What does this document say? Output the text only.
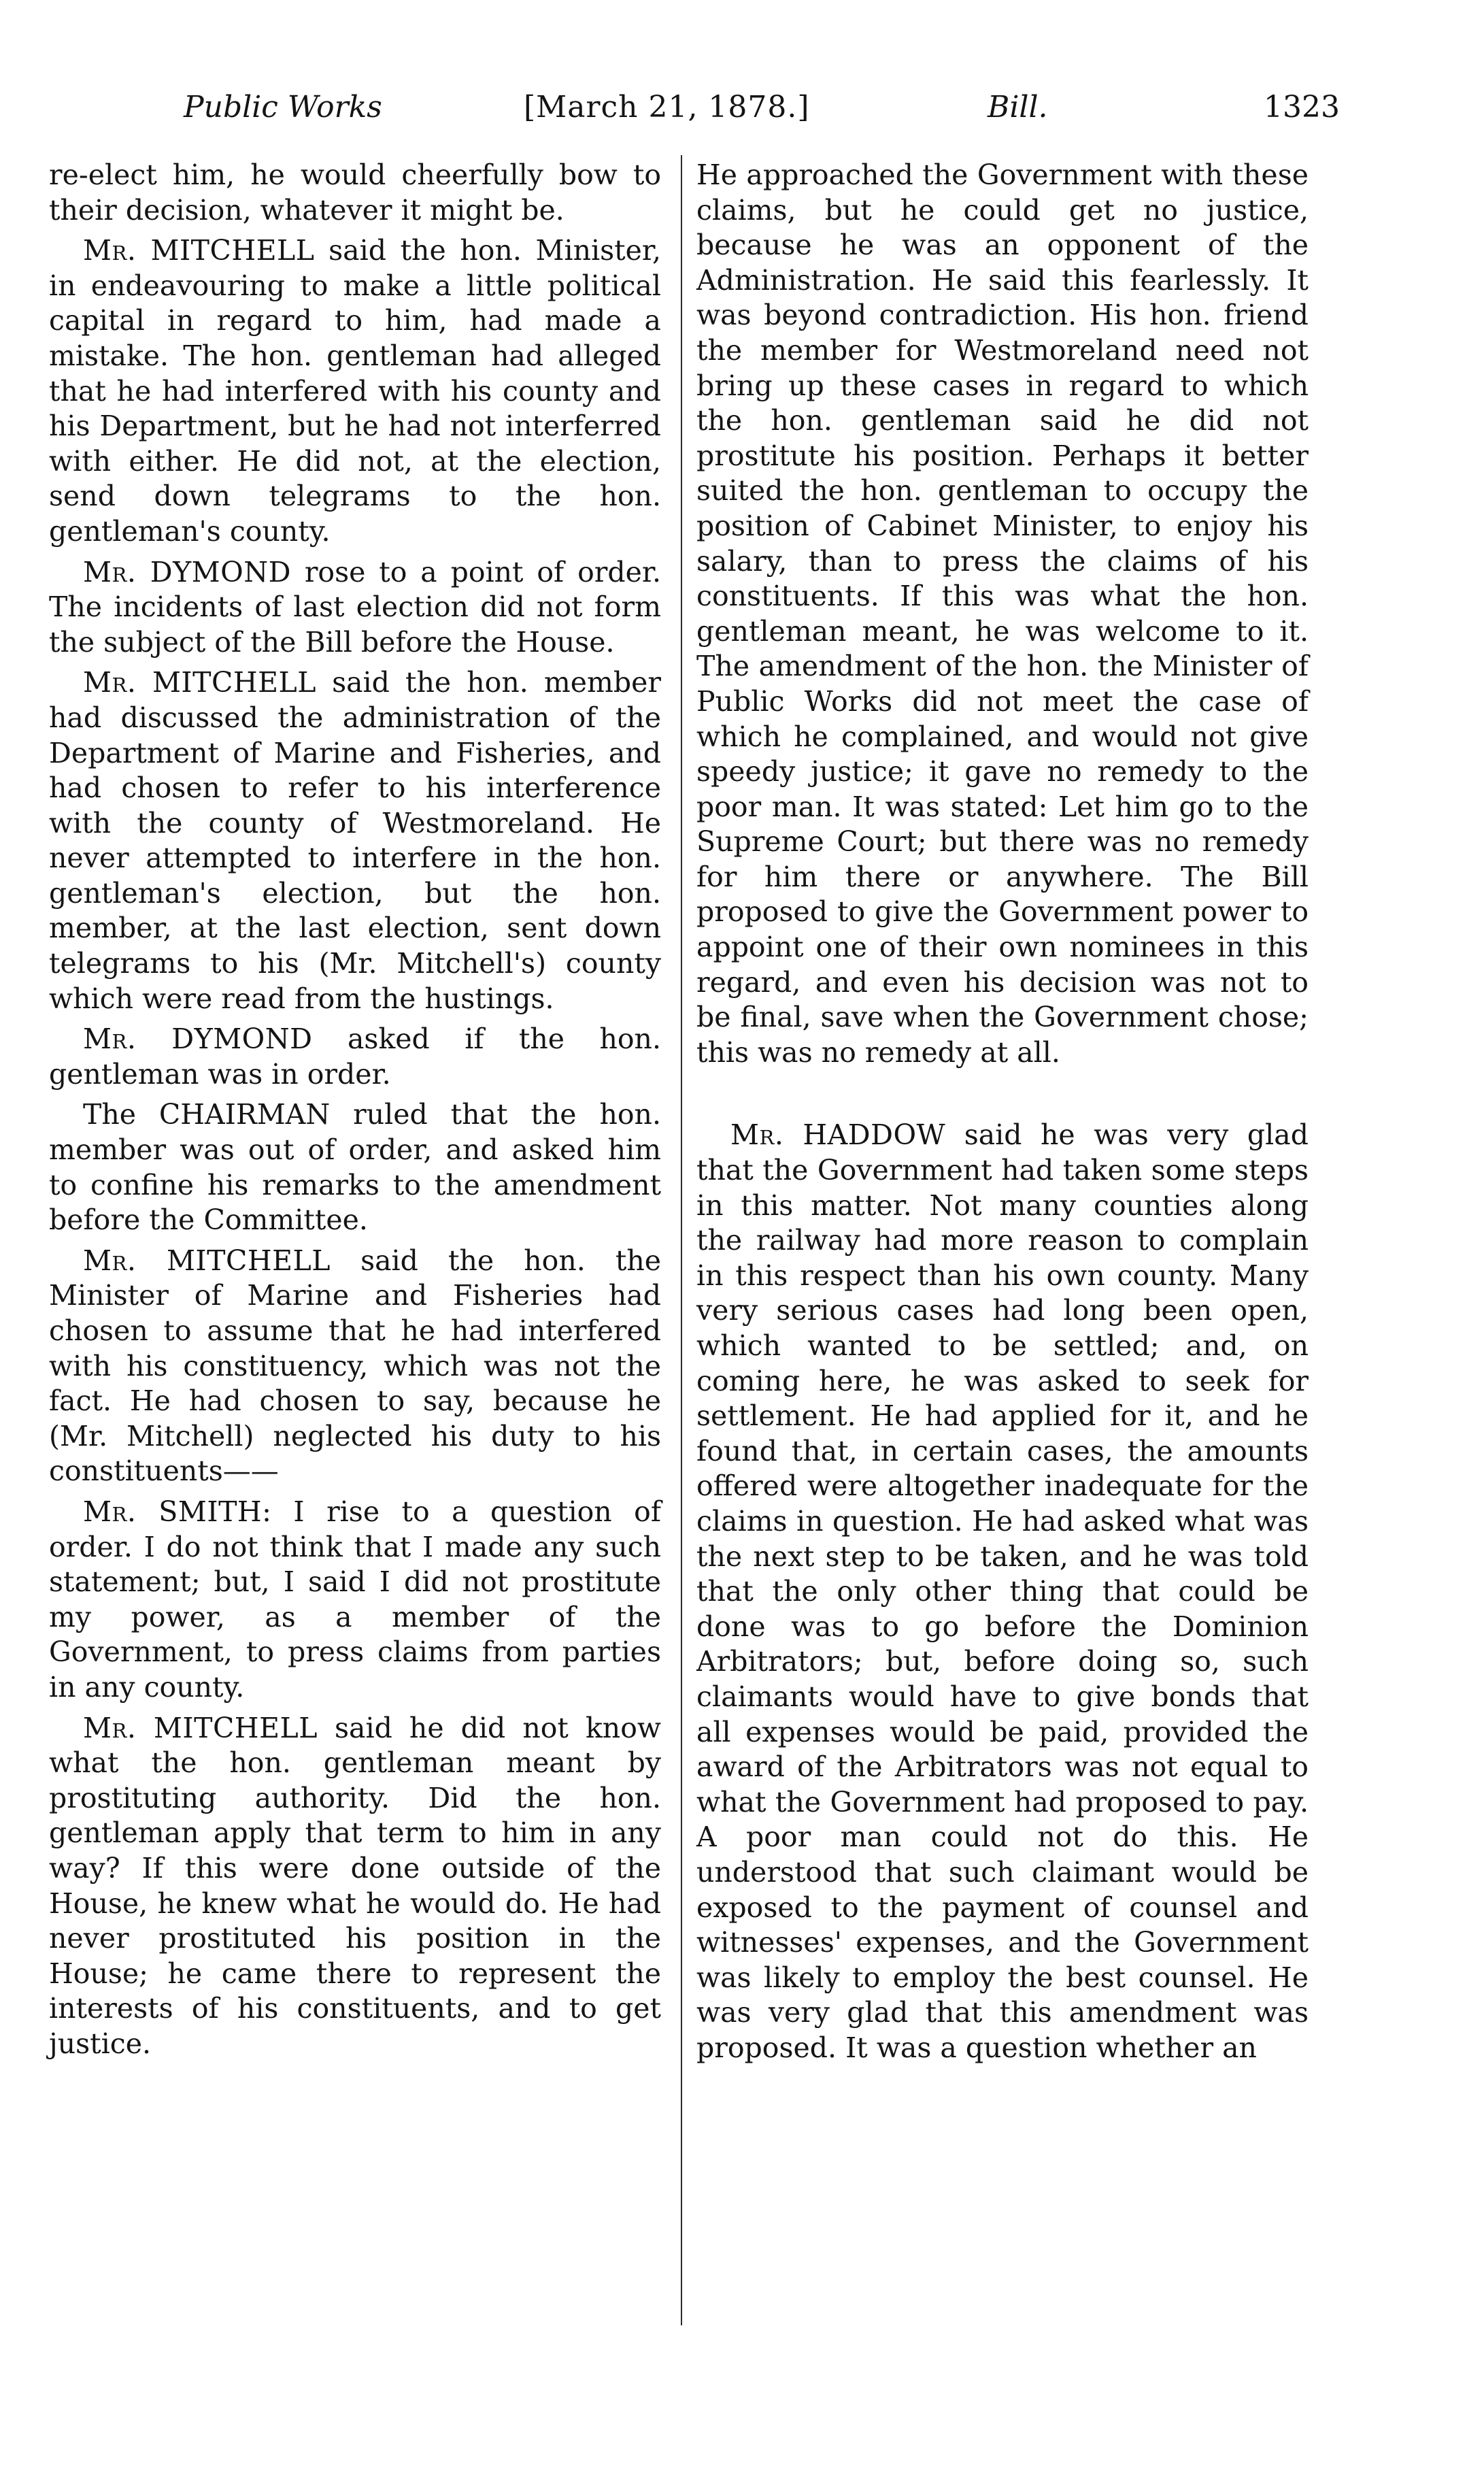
Public Works	[March 21, 1878.]	Bill.	1323

re-elect him, he would cheerfully bow to their decision, whatever it might be.

Mr. MITCHELL said the hon. Minister, in endeavouring to make a little political capital in regard to him, had made a mistake. The hon. gentleman had alleged that he had interfered with his county and his Department, but he had not interferred with either. He did not, at the election, send down telegrams to the hon. gentleman's county.

Mr. DYMOND rose to a point of order. The incidents of last election did not form the subject of the Bill before the House.

Mr. MITCHELL said the hon. member had discussed the administration of the Department of Marine and Fisheries, and had chosen to refer to his interference with the county of Westmoreland. He never attempted to interfere in the hon. gentleman's election, but the hon. member, at the last election, sent down telegrams to his (Mr. Mitchell's) county which were read from the hustings.

Mr. DYMOND asked if the hon. gentleman was in order.

The CHAIRMAN ruled that the hon. member was out of order, and asked him to confine his remarks to the amendment before the Committee.

Mr. MITCHELL said the hon. the Minister of Marine and Fisheries had chosen to assume that he had interfered with his constituency, which was not the fact. He had chosen to say, because he (Mr. Mitchell) neglected his duty to his constituents——

Mr. SMITH: I rise to a question of order. I do not think that I made any such statement; but, I said I did not prostitute my power, as a member of the Government, to press claims from parties in any county.

Mr. MITCHELL said he did not know what the hon. gentleman meant by prostituting authority. Did the hon. gentleman apply that term to him in any way? If this were done outside of the House, he knew what he would do. He had never prostituted his position in the House; he came there to represent the interests of his constituents, and to get justice.

He approached the Government with these claims, but he could get no justice, because he was an opponent of the Administration. He said this fearlessly. It was beyond contradiction. His hon. friend the member for Westmoreland need not bring up these cases in regard to which the hon. gentleman said he did not prostitute his position. Perhaps it better suited the hon. gentleman to occupy the position of Cabinet Minister, to enjoy his salary, than to press the claims of his constituents. If this was what the hon. gentleman meant, he was welcome to it. The amendment of the hon. the Minister of Public Works did not meet the case of which he complained, and would not give speedy justice; it gave no remedy to the poor man. It was stated: Let him go to the Supreme Court; but there was no remedy for him there or anywhere. The Bill proposed to give the Government power to appoint one of their own nominees in this regard, and even his decision was not to be final, save when the Government chose; this was no remedy at all.

Mr. HADDOW said he was very glad that the Government had taken some steps in this matter. Not many counties along the railway had more reason to complain in this respect than his own county. Many very serious cases had long been open, which wanted to be settled; and, on coming here, he was asked to seek for settlement. He had applied for it, and he found that, in certain cases, the amounts offered were altogether inadequate for the claims in question. He had asked what was the next step to be taken, and he was told that the only other thing that could be done was to go before the Dominion Arbitrators; but, before doing so, such claimants would have to give bonds that all expenses would be paid, provided the award of the Arbitrators was not equal to what the Government had proposed to pay. A poor man could not do this. He understood that such claimant would be exposed to the payment of counsel and witnesses' expenses, and the Government was likely to employ the best counsel. He was very glad that this amendment was proposed. It was a question whether an
